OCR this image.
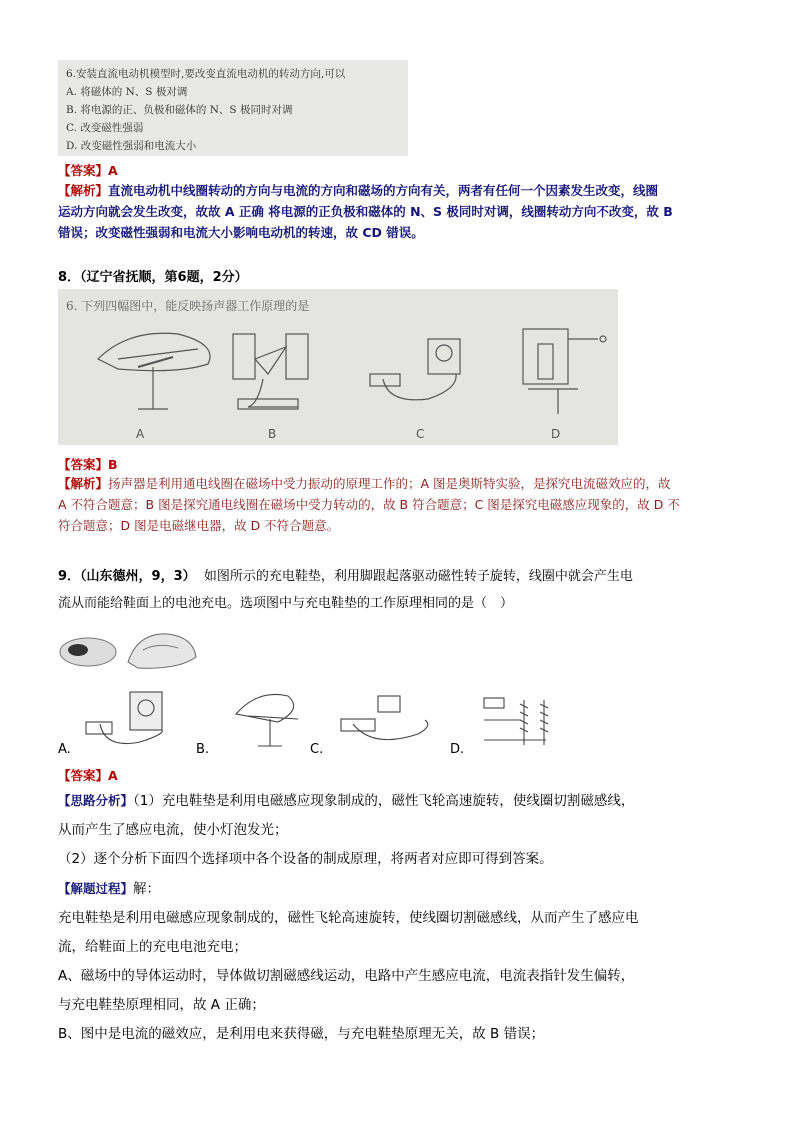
6.安装直流电动机模型时,要改变直流电动机的转动方向,可以
A. 将磁体的 N、S 极对调
B. 将电源的正、负极和磁体的 N、S 极同时对调
C. 改变磁性强弱
D. 改变磁性强弱和电流大小
【答案】A
【解析】直流电动机中线圈转动的方向与电流的方向和磁场的方向有关，两者有任何一个因素发生改变，线圈
运动方向就会发生改变，故故 A 正确 将电源的正负极和磁体的 N、S 极同时对调，线圈转动方向不改变，故 B
错误；改变磁性强弱和电流大小影响电动机的转速，故 CD 错误。
8．（辽宁省抚顺，第6题，2分）
6. 下列四幅图中，能反映扬声器工作原理的是
A	B	C	D
【答案】B
【解析】扬声器是利用通电线圈在磁场中受力振动的原理工作的；A 图是奥斯特实验，是探究电流磁效应的，故
A 不符合题意；B 图是探究通电线圈在磁场中受力转动的，故 B 符合题意；C 图是探究电磁感应现象的，故 D 不
符合题意；D 图是电磁继电器，故 D 不符合题意。
9．（山东德州，9，3） 如图所示的充电鞋垫，利用脚跟起落驱动磁性转子旋转，线圈中就会产生电
流从而能给鞋面上的电池充电。选项图中与充电鞋垫的工作原理相同的是（　）
A.	B.	C.	D.
【答案】A
【思路分析】（1）充电鞋垫是利用电磁感应现象制成的，磁性飞轮高速旋转，使线圈切割磁感线，
从而产生了感应电流，使小灯泡发光；
（2）逐个分析下面四个选择项中各个设备的制成原理，将两者对应即可得到答案。
【解题过程】解：
充电鞋垫是利用电磁感应现象制成的，磁性飞轮高速旋转，使线圈切割磁感线，从而产生了感应电
流，给鞋面上的充电电池充电；
A、磁场中的导体运动时，导体做切割磁感线运动，电路中产生感应电流，电流表指针发生偏转，
与充电鞋垫原理相同，故 A 正确；
B、图中是电流的磁效应，是利用电来获得磁，与充电鞋垫原理无关，故 B 错误；
